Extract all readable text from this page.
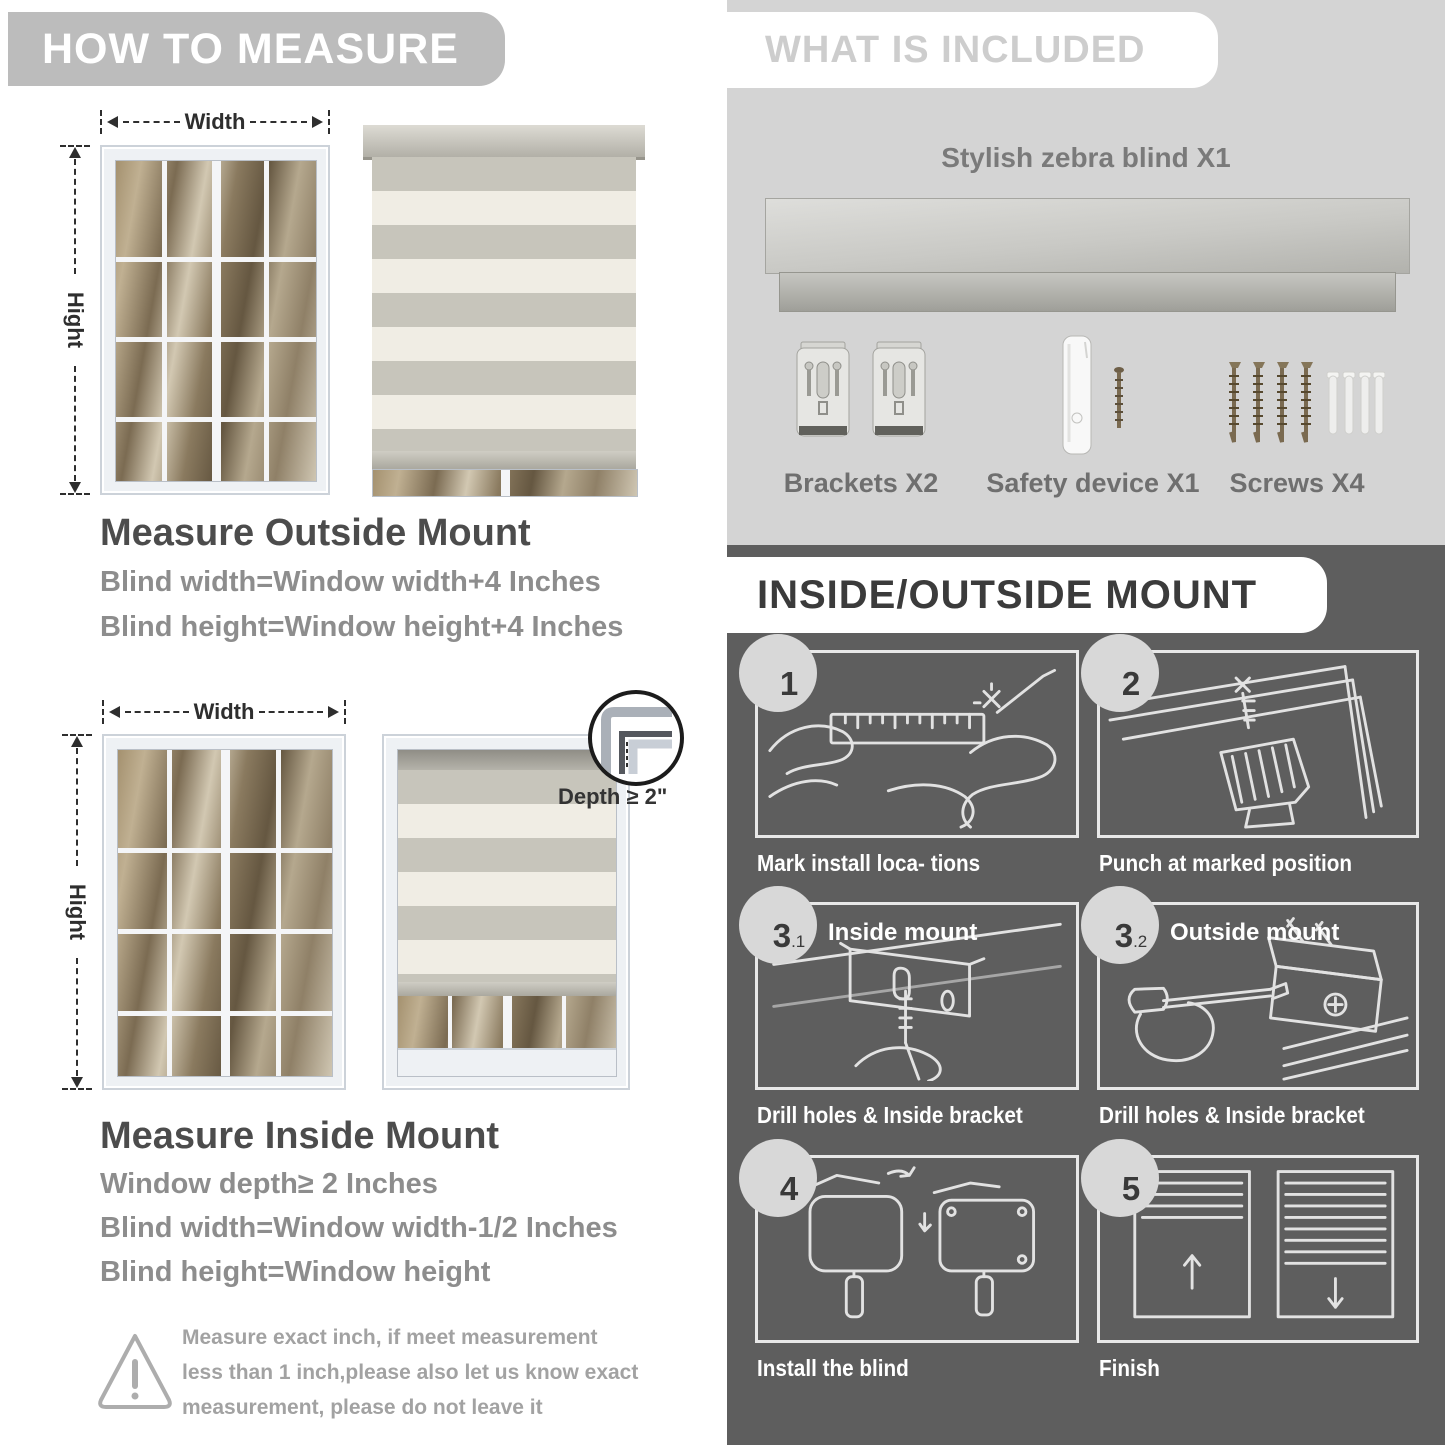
HOW TO MEASURE
Width
Hight
Measure Outside Mount

Blind width=Window width+4 Inches

Blind height=Window height+4 Inches

Width
Hight
Depth ≥ 2"
Measure Inside Mount

Window depth≥ 2 Inches

Blind width=Window width-1/2 Inches

Blind height=Window height

Measure exact inch, if meet measurement less than 1 inch,please also let us know exact measurement, please do not leave it

WHAT IS INCLUDED
Stylish zebra blind X1
Brackets X2	Safety device X1	Screws X4
INSIDE/OUTSIDE MOUNT
Mark install loca- tions
1
Punch at marked position
2
Inside mount
Drill holes & Inside bracket
3 .1	Outside mount
Drill holes & Inside bracket
3 .2
Install the blind
4
Finish
5
